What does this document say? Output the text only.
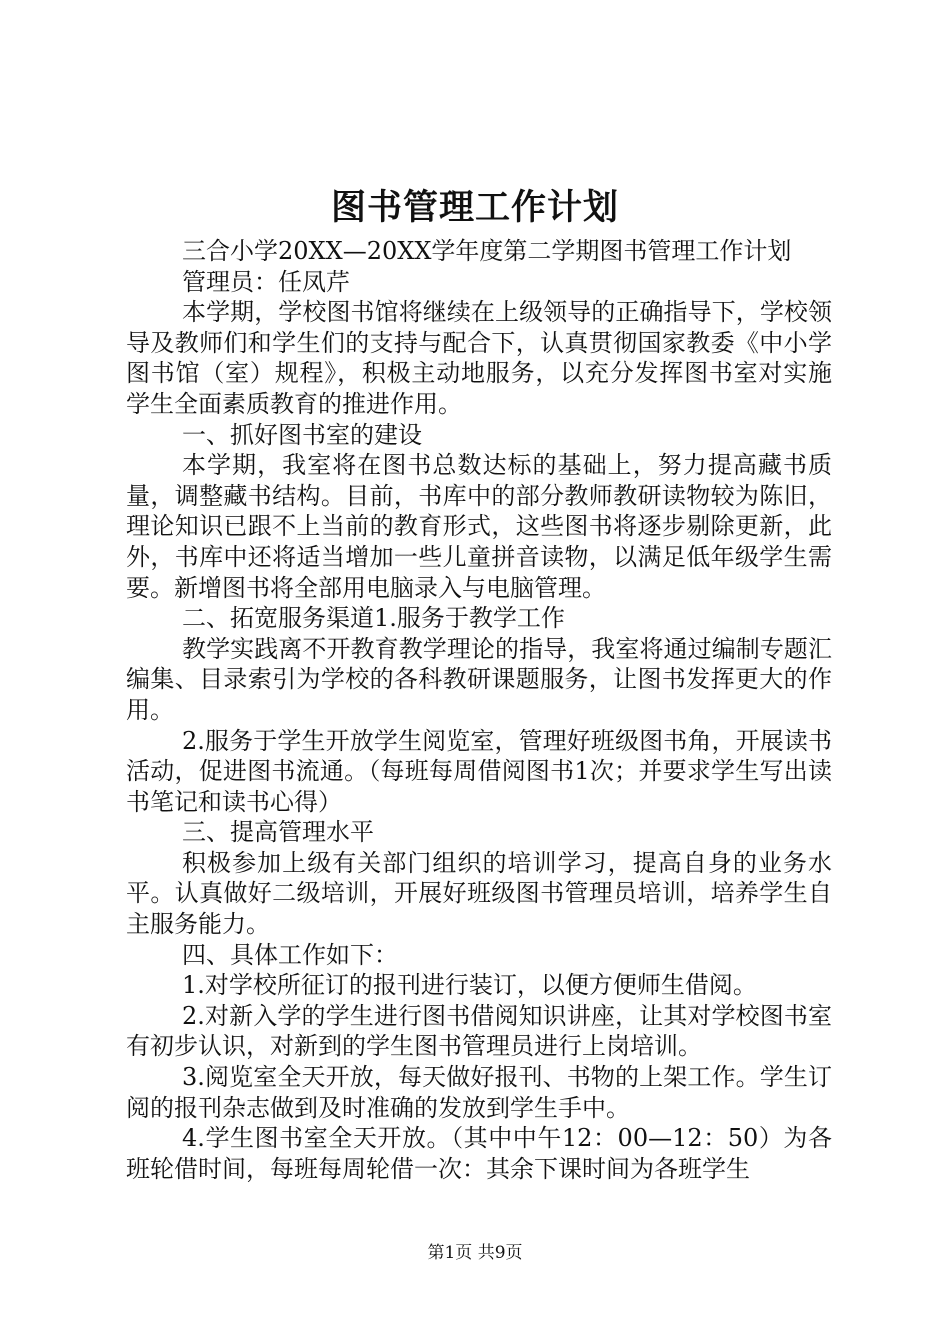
图书管理工作计划

三合小学20XX—20XX学年度第二学期图书管理工作计划

管理员：任凤芹

本学期，学校图书馆将继续在上级领导的正确指导下，学校领导及教师们和学生们的支持与配合下，认真贯彻国家教委《中小学图书馆（室）规程》，积极主动地服务，以充分发挥图书室对实施学生全面素质教育的推进作用。

一、抓好图书室的建设

本学期，我室将在图书总数达标的基础上，努力提高藏书质量，调整藏书结构。目前，书库中的部分教师教研读物较为陈旧，理论知识已跟不上当前的教育形式，这些图书将逐步剔除更新，此外，书库中还将适当增加一些儿童拼音读物，以满足低年级学生需要。新增图书将全部用电脑录入与电脑管理。

二、拓宽服务渠道1.服务于教学工作

教学实践离不开教育教学理论的指导，我室将通过编制专题汇编集、目录索引为学校的各科教研课题服务，让图书发挥更大的作用。

2.服务于学生开放学生阅览室，管理好班级图书角，开展读书活动，促进图书流通。（每班每周借阅图书1次；并要求学生写出读书笔记和读书心得）

三、提高管理水平

积极参加上级有关部门组织的培训学习，提高自身的业务水平。认真做好二级培训，开展好班级图书管理员培训，培养学生自主服务能力。

四、具体工作如下：

1.对学校所征订的报刊进行装订，以便方便师生借阅。

2.对新入学的学生进行图书借阅知识讲座，让其对学校图书室有初步认识，对新到的学生图书管理员进行上岗培训。

3.阅览室全天开放，每天做好报刊、书物的上架工作。学生订阅的报刊杂志做到及时准确的发放到学生手中。

4.学生图书室全天开放。（其中中午12：00—12：50）为各班轮借时间，每班每周轮借一次：其余下课时间为各班学生

第1页 共9页
